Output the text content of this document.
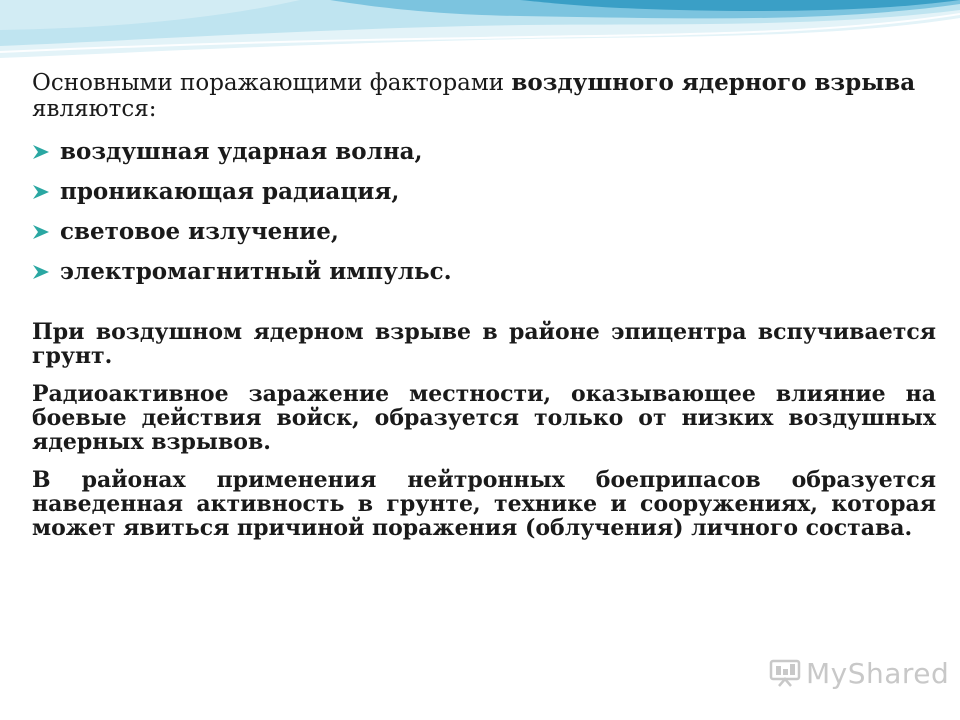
Основными поражающими факторами воздушного ядерного взрыва являются:

воздушная ударная волна,
проникающая радиация,
световое излучение,
электромагнитный импульс.

При воздушном ядерном взрыве в районе эпицентра вспучивается грунт.

Радиоактивное заражение местности, оказывающее влияние на боевые действия войск, образуется только от низких воздушных ядерных взрывов.

В районах применения нейтронных боеприпасов образуется наведенная активность в грунте, технике и сооружениях, которая может явиться причиной поражения (облучения) личного состава.

MyShared
